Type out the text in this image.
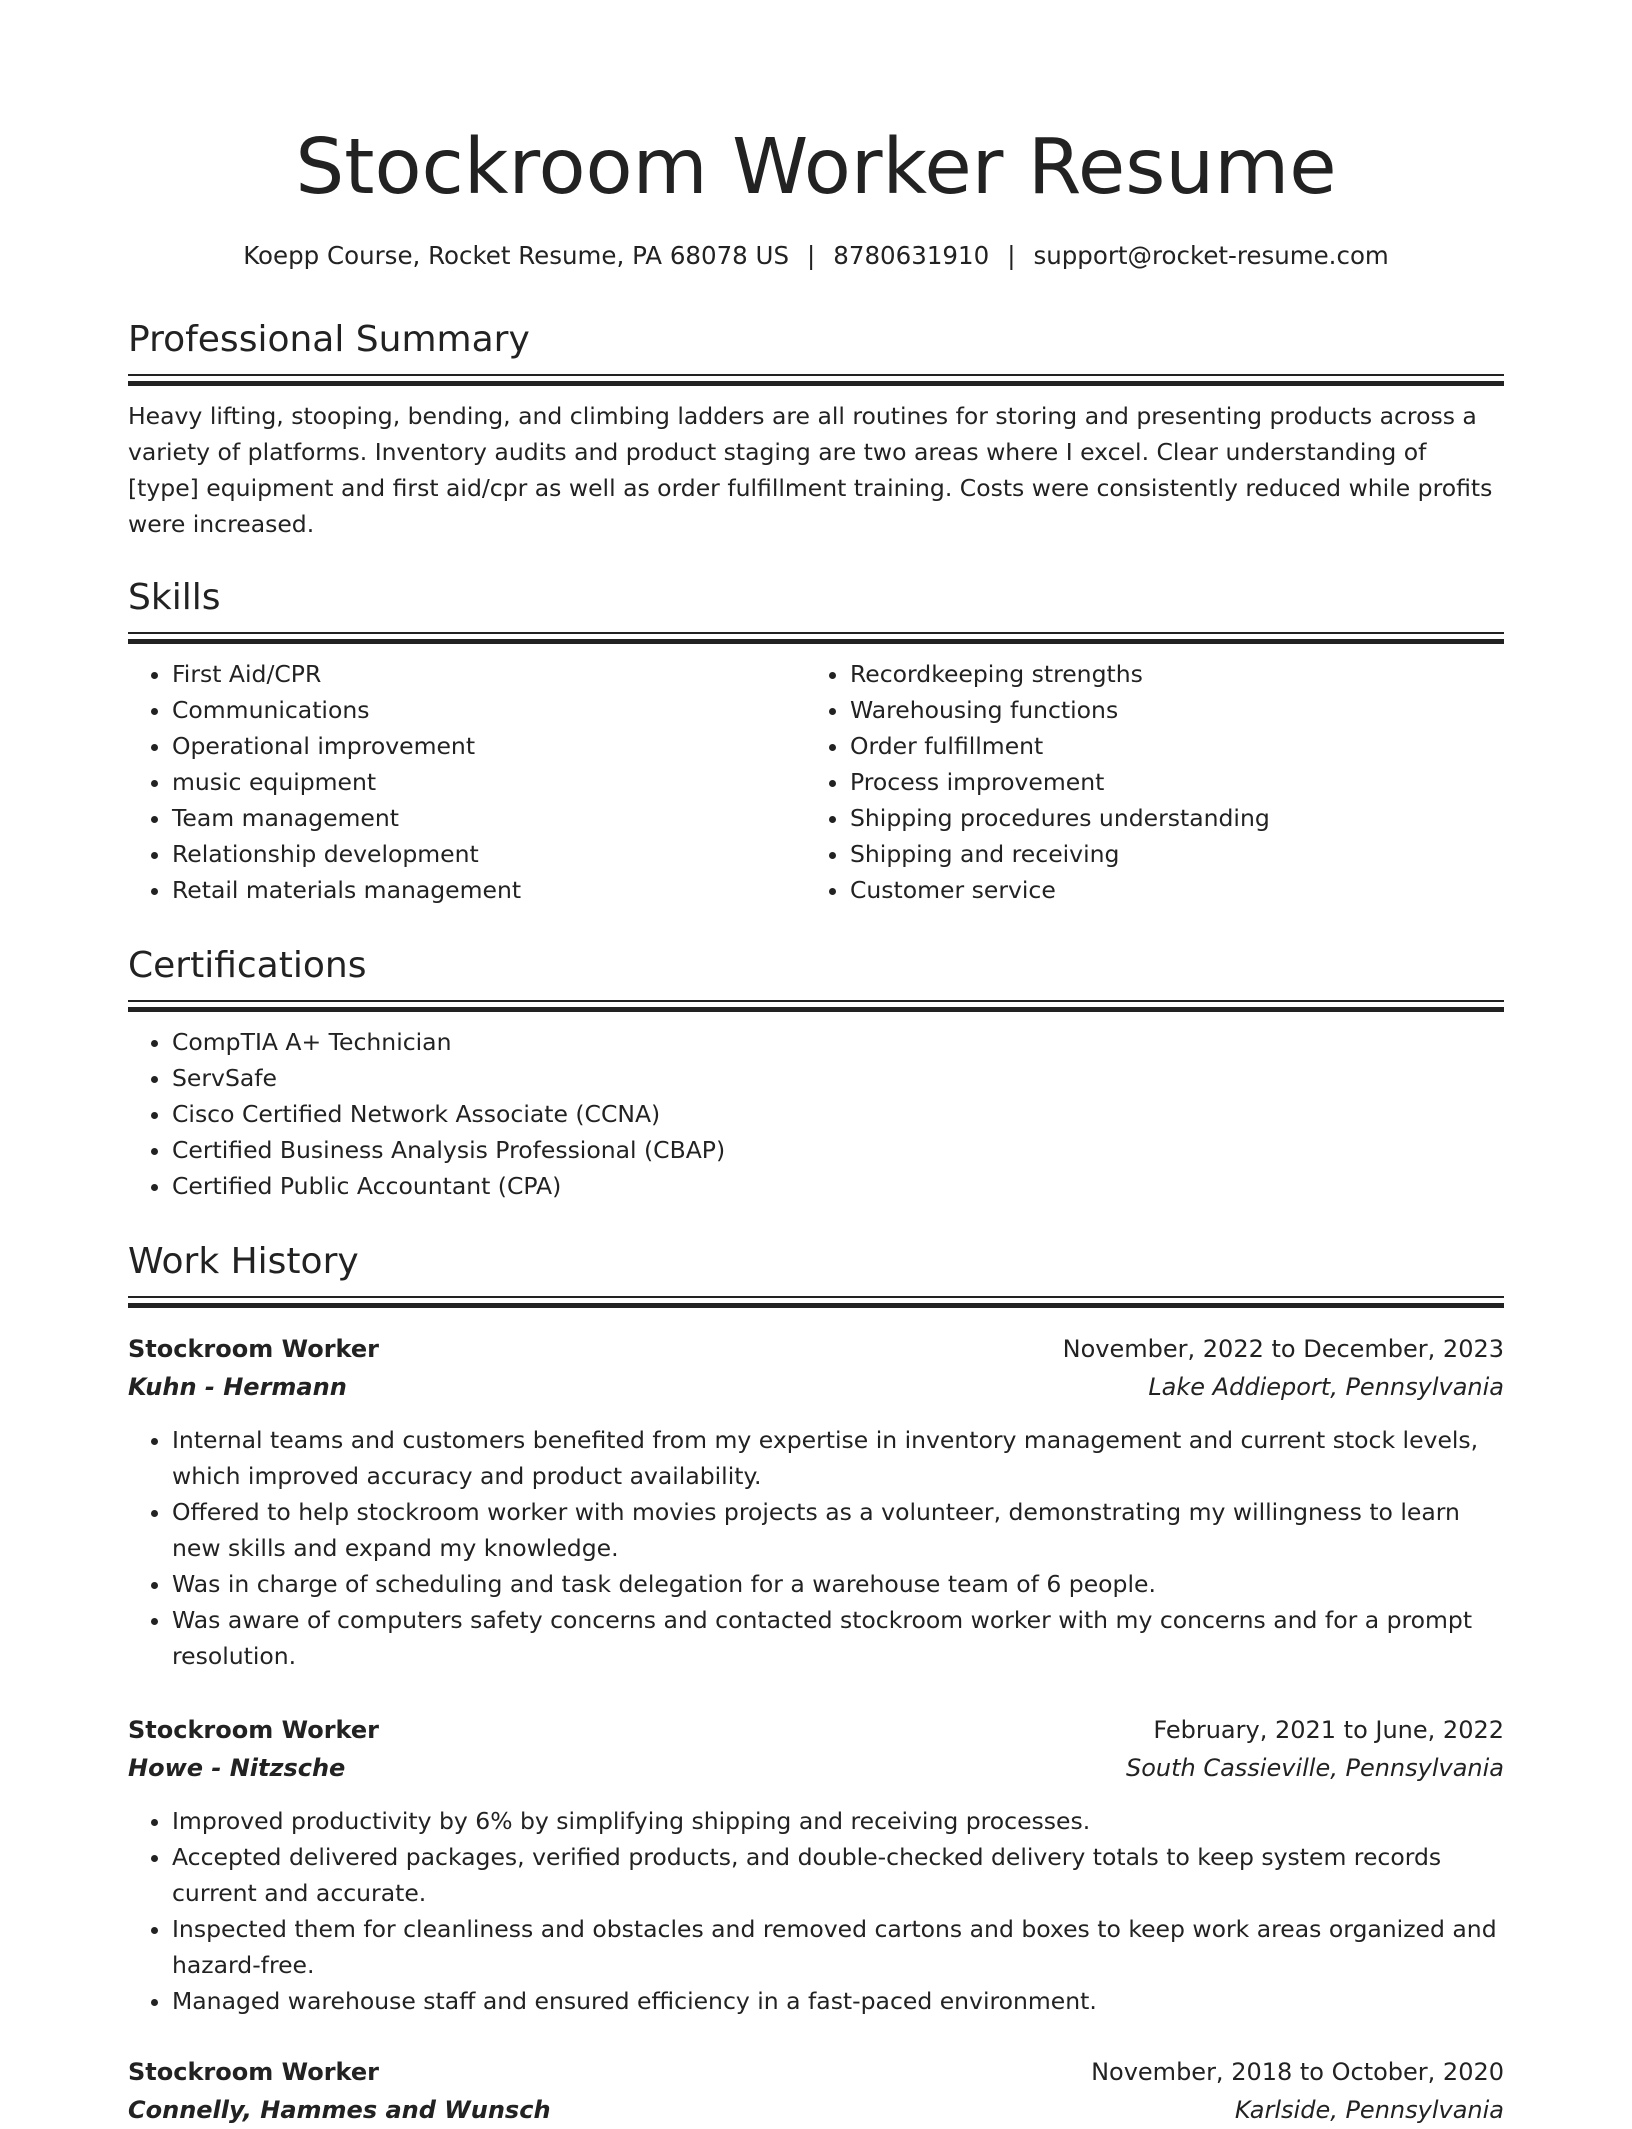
Stockroom Worker Resume
Koepp Course, Rocket Resume, PA 68078 US | 8780631910 | support@rocket-resume.com
Professional Summary
Heavy lifting, stooping, bending, and climbing ladders are all routines for storing and presenting products across a variety of platforms. Inventory audits and product staging are two areas where I excel. Clear understanding of [type] equipment and first aid/cpr as well as order fulfillment training. Costs were consistently reduced while profits were increased.
Skills
• First Aid/CPR
• Communications
• Operational improvement
• music equipment
• Team management
• Relationship development
• Retail materials management
• Recordkeeping strengths
• Warehousing functions
• Order fulfillment
• Process improvement
• Shipping procedures understanding
• Shipping and receiving
• Customer service
Certifications
• CompTIA A+ Technician
• ServSafe
• Cisco Certified Network Associate (CCNA)
• Certified Business Analysis Professional (CBAP)
• Certified Public Accountant (CPA)
Work History
Stockroom Worker	November, 2022 to December, 2023
Kuhn - Hermann	Lake Addieport, Pennsylvania
• Internal teams and customers benefited from my expertise in inventory management and current stock levels, which improved accuracy and product availability.
• Offered to help stockroom worker with movies projects as a volunteer, demonstrating my willingness to learn new skills and expand my knowledge.
• Was in charge of scheduling and task delegation for a warehouse team of 6 people.
• Was aware of computers safety concerns and contacted stockroom worker with my concerns and for a prompt resolution.
Stockroom Worker	February, 2021 to June, 2022
Howe - Nitzsche	South Cassieville, Pennsylvania
• Improved productivity by 6% by simplifying shipping and receiving processes.
• Accepted delivered packages, verified products, and double-checked delivery totals to keep system records current and accurate.
• Inspected them for cleanliness and obstacles and removed cartons and boxes to keep work areas organized and hazard-free.
• Managed warehouse staff and ensured efficiency in a fast-paced environment.
Stockroom Worker	November, 2018 to October, 2020
Connelly, Hammes and Wunsch	Karlside, Pennsylvania
